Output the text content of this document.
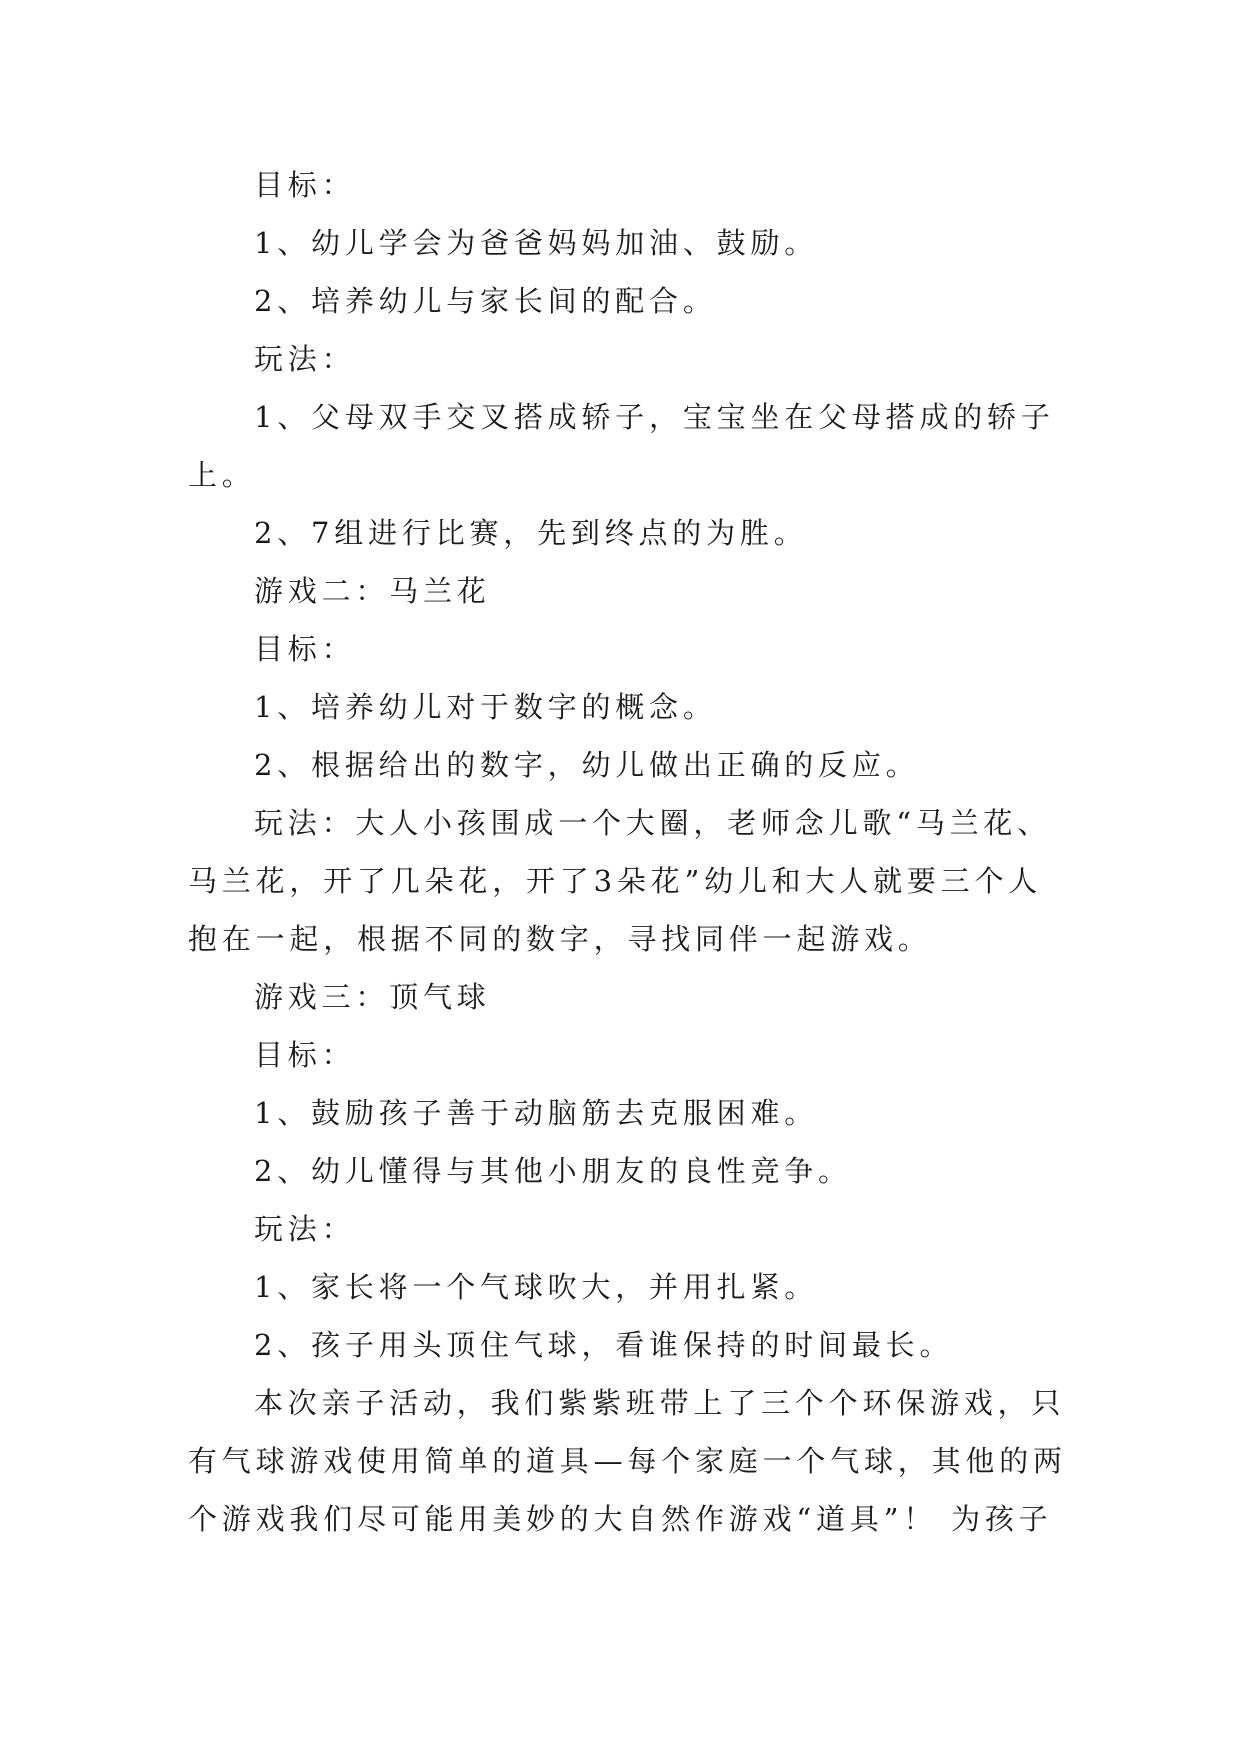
目标：
1、幼儿学会为爸爸妈妈加油、鼓励。
2、培养幼儿与家长间的配合。
玩法：
1、父母双手交叉搭成轿子，宝宝坐在父母搭成的轿子
上。
2、7组进行比赛，先到终点的为胜。
游戏二：马兰花
目标：
1、培养幼儿对于数字的概念。
2、根据给出的数字，幼儿做出正确的反应。
玩法：大人小孩围成一个大圈，老师念儿歌“马兰花、
马兰花，开了几朵花，开了3朵花”幼儿和大人就要三个人
抱在一起，根据不同的数字，寻找同伴一起游戏。
游戏三：顶气球
目标：
1、鼓励孩子善于动脑筋去克服困难。
2、幼儿懂得与其他小朋友的良性竞争。
玩法：
1、家长将一个气球吹大，并用扎紧。
2、孩子用头顶住气球，看谁保持的时间最长。
本次亲子活动，我们紫紫班带上了三个个环保游戏，只
有气球游戏使用简单的道具—每个家庭一个气球，其他的两
个游戏我们尽可能用美妙的大自然作游戏“道具”！ 为孩子
